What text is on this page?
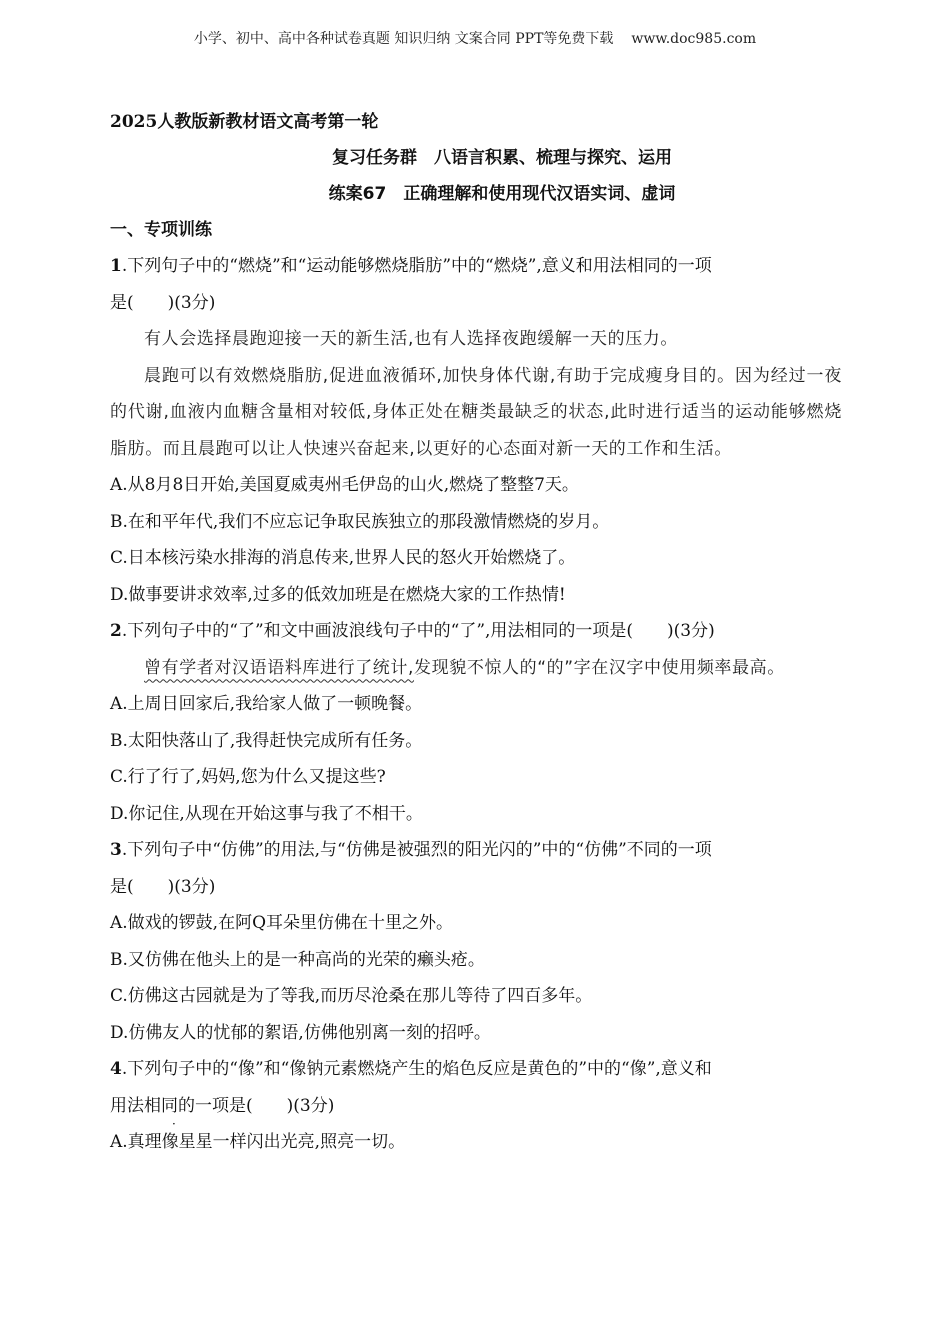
小学、初中、高中各种试卷真题 知识归纳 文案合同 PPT等免费下载 www.doc985.com
2025人教版新教材语文高考第一轮
复习任务群　八语言积累、梳理与探究、运用
练案67　正确理解和使用现代汉语实词、虚词
一、专项训练
1.下列句子中的“燃烧”和“运动能够燃烧脂肪”中的“燃烧”,意义和用法相同的一项
是(　　)(3分)
有人会选择晨跑迎接一天的新生活,也有人选择夜跑缓解一天的压力。
晨跑可以有效燃烧脂肪,促进血液循环,加快身体代谢,有助于完成瘦身目的。因为经过一夜的代谢,血液内血糖含量相对较低,身体正处在糖类最缺乏的状态,此时进行适当的运动能够燃烧脂肪。而且晨跑可以让人快速兴奋起来,以更好的心态面对新一天的工作和生活。
A.从8月8日开始,美国夏威夷州毛伊岛的山火,燃烧了整整7天。
B.在和平年代,我们不应忘记争取民族独立的那段激情燃烧的岁月。
C.日本核污染水排海的消息传来,世界人民的怒火开始燃烧了。
D.做事要讲求效率,过多的低效加班是在燃烧大家的工作热情!
2.下列句子中的“了”和文中画波浪线句子中的“了”,用法相同的一项是(　　)(3分)
曾有学者对汉语语料库进行了统计,发现貌不惊人的“的”字在汉字中使用频率最高。
A.上周日回家后,我给家人做了一顿晚餐。
B.太阳快落山了,我得赶快完成所有任务。
C.行了行了,妈妈,您为什么又提这些?
D.你记住,从现在开始这事与我了不相干。
3.下列句子中“仿佛”的用法,与“仿佛是被强烈的阳光闪的”中的“仿佛”不同的一项
是(　　)(3分)
A.做戏的锣鼓,在阿Q耳朵里仿佛在十里之外。
B.又仿佛在他头上的是一种高尚的光荣的癞头疮。
C.仿佛这古园就是为了等我,而历尽沧桑在那儿等待了四百多年。
D.仿佛友人的忧郁的絮语,仿佛他别离一刻的招呼。
4.下列句子中的“像”和“像钠元素燃烧产生的焰色反应是黄色的”中的“像”,意义和
用法相同的一项是(　　)(3分)
·
A.真理像星星一样闪出光亮,照亮一切。
